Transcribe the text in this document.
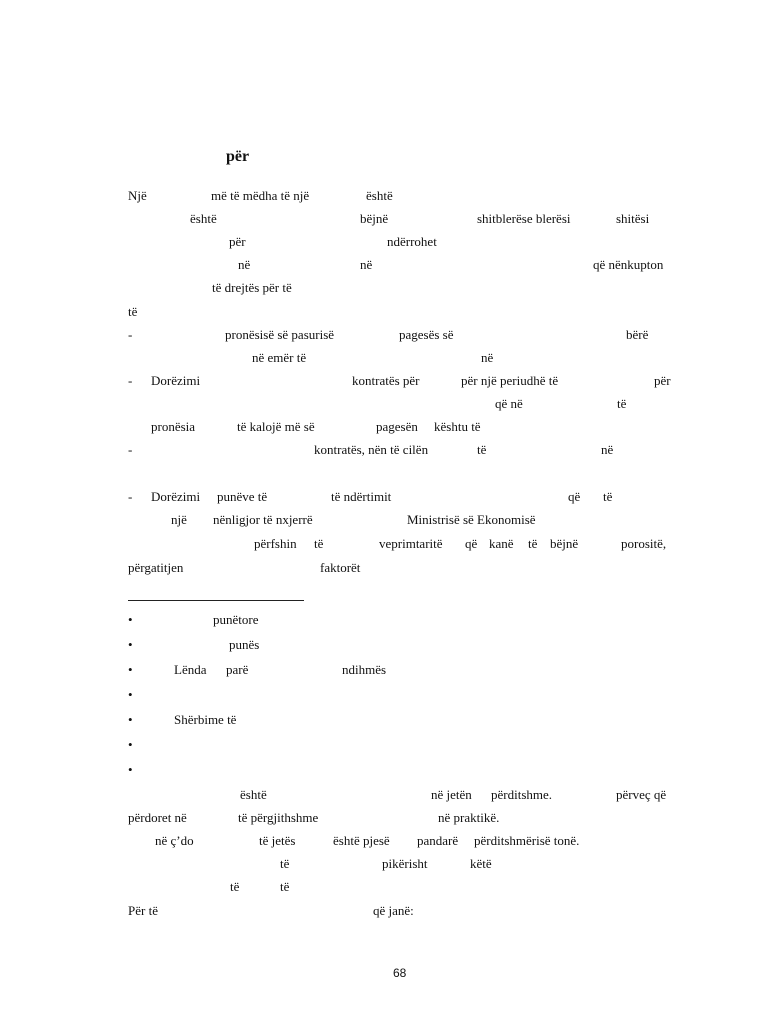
për
Një	më të mëdha të një	është
është	bëjnë	shitblerëse blerësi	shitësi
për	ndërrohet
në	në	që nënkupton
të drejtës për të
të
-	pronësisë së pasurisë	pagesës së	bërë
në emër të	në
- Dorëzimi	kontratës për	për një periudhë të	për
që në	të
pronësia	të kalojë më së	pagesën kështu të
-	kontratës, nën të cilën	të	në
- Dorëzimi punëve të	të ndërtimit	që të
një nënligjor të nxjerrë	Ministrisë së Ekonomisë
përfshin të	veprimtaritë që kanë të bëjnë	porositë,
përgatitjen	faktorët
•	punëtore
•	punës
•	Lënda parë	ndihmës
•
•	Shërbime të
•
•
është	në jetën përditshme.	përveç që
përdoret në	të përgjithshme	në praktikë.
në ç’do	të jetës	është pjesë pandarë përditshmërisë tonë.
të	pikërisht	këtë
të	të
Për të	që janë:
68
